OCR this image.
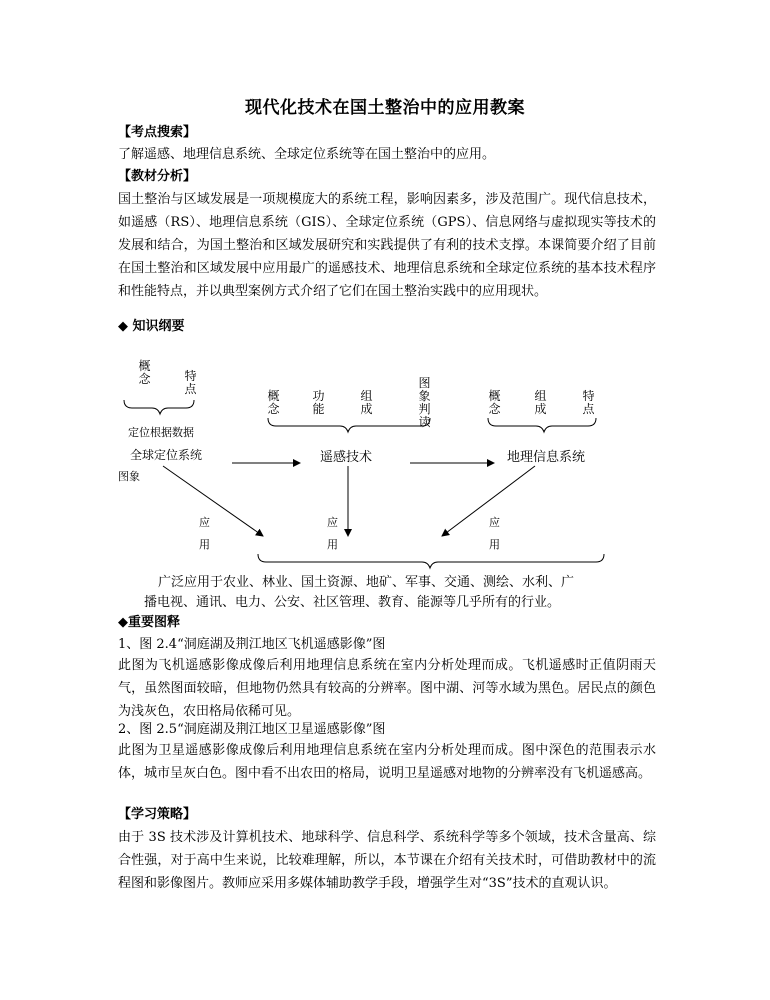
现代化技术在国土整治中的应用教案
【考点搜索】
了解遥感、地理信息系统、全球定位系统等在国土整治中的应用。
【教材分析】
国土整治与区域发展是一项规模庞大的系统工程，影响因素多，涉及范围广。现代信息技术，如遥感（RS）、地理信息系统（GIS）、全球定位系统（GPS）、信息网络与虚拟现实等技术的发展和结合，为国土整治和区域发展研究和实践提供了有利的技术支撑。本课简要介绍了目前在国土整治和区域发展中应用最广的遥感技术、地理信息系统和全球定位系统的基本技术程序和性能特点，并以典型案例方式介绍了它们在国土整治实践中的应用现状。
◆ 知识纲要
概念	特点	概念
功能
组成
图象判读
概念
组成
特点
定位根据数据
全球定位系统
图象
遥感技术	地理信息系统
应用
应用
应用
广泛应用于农业、林业、国土资源、地矿、军事、交通、测绘、水利、广
播电视、通讯、电力、公安、社区管理、教育、能源等几乎所有的行业。
◆重要图释
1、图 2.4“洞庭湖及荆江地区飞机遥感影像”图
此图为飞机遥感影像成像后利用地理信息系统在室内分析处理而成。飞机遥感时正值阴雨天气，虽然图面较暗，但地物仍然具有较高的分辨率。图中湖、河等水域为黑色。居民点的颜色为浅灰色，农田格局依稀可见。
2、图 2.5“洞庭湖及荆江地区卫星遥感影像”图
此图为卫星遥感影像成像后利用地理信息系统在室内分析处理而成。图中深色的范围表示水体，城市呈灰白色。图中看不出农田的格局，说明卫星遥感对地物的分辨率没有飞机遥感高。
【学习策略】
由于 3S 技术涉及计算机技术、地球科学、信息科学、系统科学等多个领域，技术含量高、综合性强，对于高中生来说，比较难理解，所以，本节课在介绍有关技术时，可借助教材中的流程图和影像图片。教师应采用多媒体辅助教学手段，增强学生对“3S”技术的直观认识。
